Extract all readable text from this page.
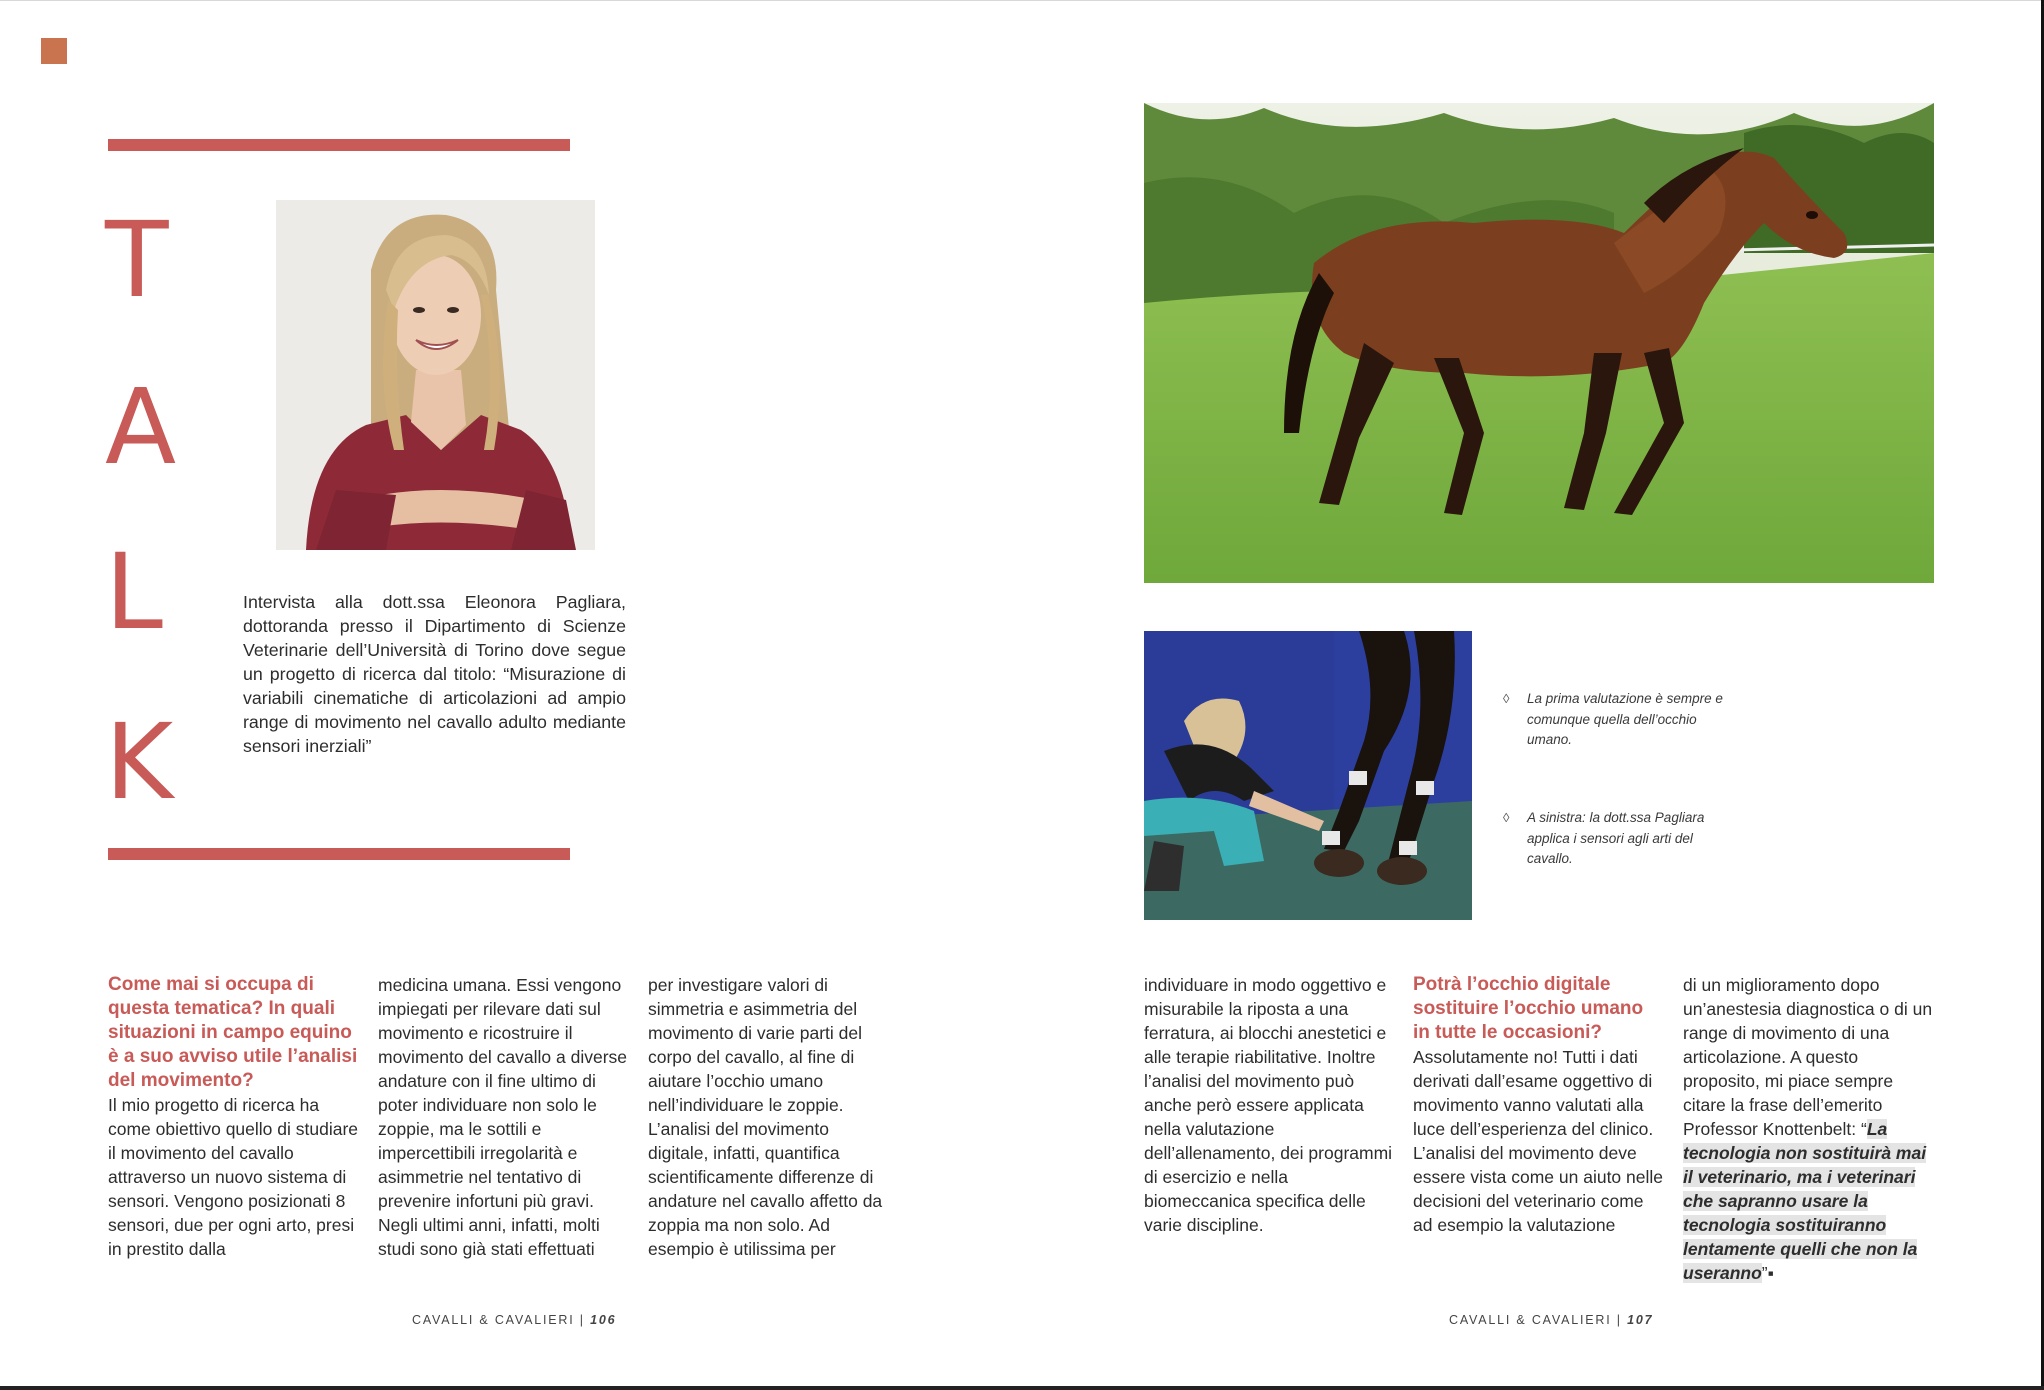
T
A
L
K

Intervista alla dott.ssa Eleonora Pagliara, dottoranda presso il Dipartimento di Scienze Veterinarie dell’Università di Torino dove segue un progetto di ricerca dal titolo: “Misurazione di variabili cinematiche di articolazioni ad ampio range di movimento nel cavallo adulto mediante sensori inerziali”

◊ La prima valutazione è sempre e comunque quella dell’occhio umano.
◊ A sinistra: la dott.ssa Pagliara applica i sensori agli arti del cavallo.

Come mai si occupa di questa tematica? In quali situazioni in campo equino è a suo avviso utile l’analisi del movimento?

Il mio progetto di ricerca ha come obiettivo quello di studiare il movimento del cavallo attraverso un nuovo sistema di sensori. Vengono posizionati 8 sensori, due per ogni arto, presi in prestito dalla

medicina umana. Essi vengono impiegati per rilevare dati sul movimento e ricostruire il movimento del cavallo a diverse andature con il fine ultimo di poter individuare non solo le zoppie, ma le sottili e impercettibili irregolarità e asimmetrie nel tentativo di prevenire infortuni più gravi. Negli ultimi anni, infatti, molti studi sono già stati effettuati

per investigare valori di simmetria e asimmetria del movimento di varie parti del corpo del cavallo, al fine di aiutare l’occhio umano nell’individuare le zoppie. L’analisi del movimento digitale, infatti, quantifica scientificamente differenze di andature nel cavallo affetto da zoppia ma non solo. Ad esempio è utilissima per

individuare in modo oggettivo e misurabile la riposta a una ferratura, ai blocchi anestetici e alle terapie riabilitative. Inoltre l’analisi del movimento può anche però essere applicata nella valutazione dell’allenamento, dei programmi di esercizio e nella biomeccanica specifica delle varie discipline.

Potrà l’occhio digitale sostituire l’occhio umano in tutte le occasioni?

Assolutamente no! Tutti i dati derivati dall’esame oggettivo di movimento vanno valutati alla luce dell’esperienza del clinico. L’analisi del movimento deve essere vista come un aiuto nelle decisioni del veterinario come ad esempio la valutazione

di un miglioramento dopo un’anestesia diagnostica o di un range di movimento di una articolazione. A questo proposito, mi piace sempre citare la frase dell’emerito Professor Knottenbelt: “La tecnologia non sostituirà mai il veterinario, ma i veterinari che sapranno usare la tecnologia sostituiranno lentamente quelli che non la useranno”▪

CAVALLI & CAVALIERI | 106	CAVALLI & CAVALIERI | 107
